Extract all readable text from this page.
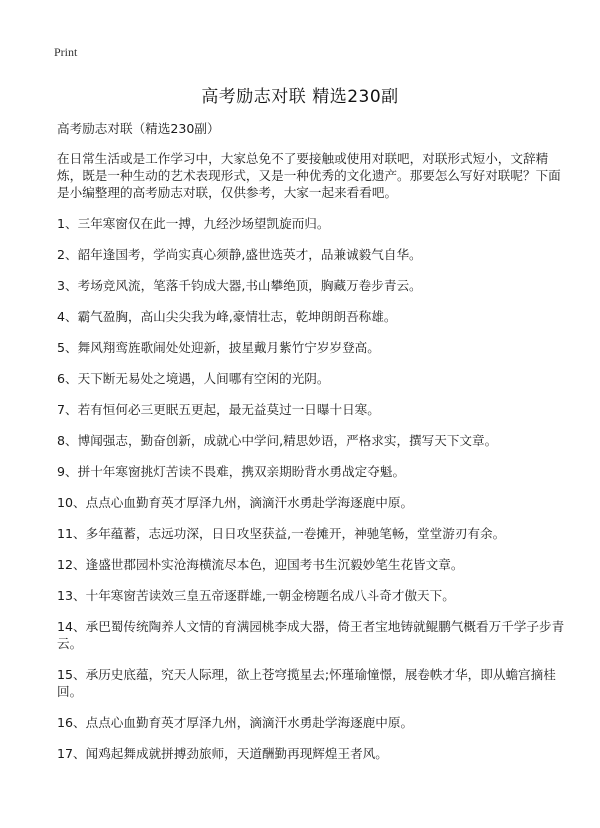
Print
高考励志对联 精选230副

高考励志对联（精选230副）

在日常生活或是工作学习中，大家总免不了要接触或使用对联吧，对联形式短小，文辞精炼，既是一种生动的艺术表现形式，又是一种优秀的文化遗产。那要怎么写好对联呢？下面是小编整理的高考励志对联，仅供参考，大家一起来看看吧。

1、三年寒窗仅在此一搏，九经沙场望凯旋而归。
2、韶年逢国考，学尚实真心须静,盛世选英才，品兼诚毅气自华。
3、考场竞风流，笔落千钧成大器,书山攀绝顶，胸藏万卷步青云。
4、霸气盈胸，高山尖尖我为峰,豪情壮志，乾坤朗朗吾称雄。
5、舞风翔鸾旌歌闹处处迎新，披星戴月紫竹宁岁岁登高。
6、天下断无易处之境遇，人间哪有空闲的光阴。
7、若有恒何必三更眠五更起，最无益莫过一日曝十日寒。
8、博闻强志，勤奋创新，成就心中学问,精思妙语，严格求实，撰写天下文章。
9、拼十年寒窗挑灯苦读不畏难，携双亲期盼背水勇战定夺魁。
10、点点心血勤育英才厚泽九州，滴滴汗水勇赴学海逐鹿中原。
11、多年蕴蓄，志远功深，日日攻坚获益,一卷摊开，神驰笔畅，堂堂游刃有余。
12、逢盛世郡园朴实沧海横流尽本色，迎国考书生沉毅妙笔生花皆文章。
13、十年寒窗苦读效三皇五帝逐群雄,一朝金榜题名成八斗奇才傲天下。
14、承巴蜀传统陶养人文情的育满园桃李成大器，倚王者宝地铸就鲲鹏气概看万千学子步青云。
15、承历史底蕴，究天人际理，欲上苍穹揽星去;怀瑾瑜憧憬，展卷帙才华，即从蟾宫摘桂回。
16、点点心血勤育英才厚泽九州，滴滴汗水勇赴学海逐鹿中原。
17、闻鸡起舞成就拼搏劲旅师，天道酬勤再现辉煌王者风。
